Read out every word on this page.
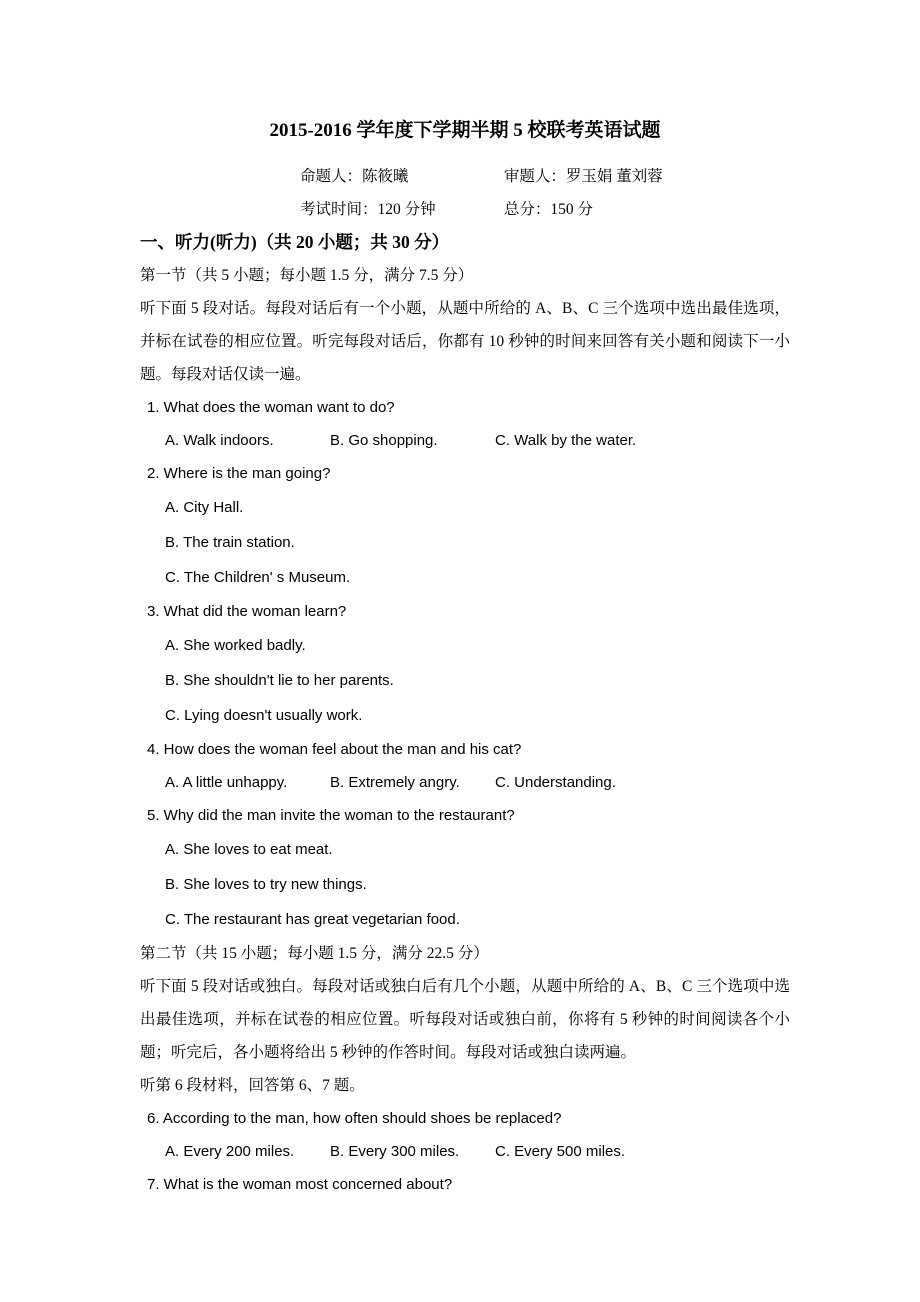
2015-2016 学年度下学期半期 5 校联考英语试题
命题人：陈筱曦	审题人：罗玉娟 董刘蓉
考试时间：120 分钟	总分：150 分
一、听力(听力)（共 20 小题；共 30 分）
第一节（共 5 小题；每小题 1.5 分，满分 7.5 分）
听下面 5 段对话。每段对话后有一个小题，从题中所给的 A、B、C 三个选项中选出最佳选项，并标在试卷的相应位置。听完每段对话后，你都有 10 秒钟的时间来回答有关小题和阅读下一小题。每段对话仅读一遍。
1. What does the woman want to do?
A. Walk indoors.	B. Go shopping.	C. Walk by the water.
2. Where is the man going?
A. City Hall.
B. The train station.
C. The Children' s Museum.
3. What did the woman learn?
A. She worked badly.
B. She shouldn't lie to her parents.
C. Lying doesn't usually work.
4. How does the woman feel about the man and his cat?
A. A little unhappy.	B. Extremely angry. C. Understanding.
5. Why did the man invite the woman to the restaurant?
A. She loves to eat meat.
B. She loves to try new things.
C. The restaurant has great vegetarian food.
第二节（共 15 小题；每小题 1.5 分，满分 22.5 分）
听下面 5 段对话或独白。每段对话或独白后有几个小题，从题中所给的 A、B、C 三个选项中选出最佳选项，并标在试卷的相应位置。听每段对话或独白前，你将有 5 秒钟的时间阅读各个小题；听完后，各小题将给出 5 秒钟的作答时间。每段对话或独白读两遍。
听第 6 段材料，回答第 6、7 题。
6. According to the man, how often should shoes be replaced?
A. Every 200 miles. B. Every 300 miles. C. Every 500 miles.
7. What is the woman most concerned about?
